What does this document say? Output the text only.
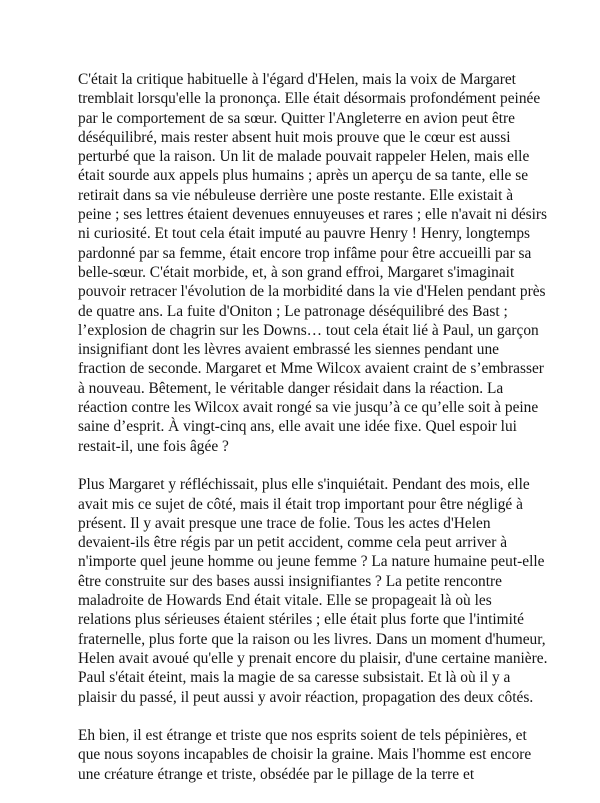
C'était la critique habituelle à l'égard d'Helen, mais la voix de Margaret
tremblait lorsqu'elle la prononça. Elle était désormais profondément peinée
par le comportement de sa sœur. Quitter l'Angleterre en avion peut être
déséquilibré, mais rester absent huit mois prouve que le cœur est aussi
perturbé que la raison. Un lit de malade pouvait rappeler Helen, mais elle
était sourde aux appels plus humains ; après un aperçu de sa tante, elle se
retirait dans sa vie nébuleuse derrière une poste restante. Elle existait à
peine ; ses lettres étaient devenues ennuyeuses et rares ; elle n'avait ni désirs
ni curiosité. Et tout cela était imputé au pauvre Henry ! Henry, longtemps
pardonné par sa femme, était encore trop infâme pour être accueilli par sa
belle-sœur. C'était morbide, et, à son grand effroi, Margaret s'imaginait
pouvoir retracer l'évolution de la morbidité dans la vie d'Helen pendant près
de quatre ans. La fuite d'Oniton ; Le patronage déséquilibré des Bast ;
l’explosion de chagrin sur les Downs… tout cela était lié à Paul, un garçon
insignifiant dont les lèvres avaient embrassé les siennes pendant une
fraction de seconde. Margaret et Mme Wilcox avaient craint de s’embrasser
à nouveau. Bêtement, le véritable danger résidait dans la réaction. La
réaction contre les Wilcox avait rongé sa vie jusqu’à ce qu’elle soit à peine
saine d’esprit. À vingt-cinq ans, elle avait une idée fixe. Quel espoir lui
restait-il, une fois âgée ?

Plus Margaret y réfléchissait, plus elle s'inquiétait. Pendant des mois, elle
avait mis ce sujet de côté, mais il était trop important pour être négligé à
présent. Il y avait presque une trace de folie. Tous les actes d'Helen
devaient-ils être régis par un petit accident, comme cela peut arriver à
n'importe quel jeune homme ou jeune femme ? La nature humaine peut-elle
être construite sur des bases aussi insignifiantes ? La petite rencontre
maladroite de Howards End était vitale. Elle se propageait là où les
relations plus sérieuses étaient stériles ; elle était plus forte que l'intimité
fraternelle, plus forte que la raison ou les livres. Dans un moment d'humeur,
Helen avait avoué qu'elle y prenait encore du plaisir, d'une certaine manière.
Paul s'était éteint, mais la magie de sa caresse subsistait. Et là où il y a
plaisir du passé, il peut aussi y avoir réaction, propagation des deux côtés.

Eh bien, il est étrange et triste que nos esprits soient de tels pépinières, et
que nous soyons incapables de choisir la graine. Mais l'homme est encore
une créature étrange et triste, obsédée par le pillage de la terre et
